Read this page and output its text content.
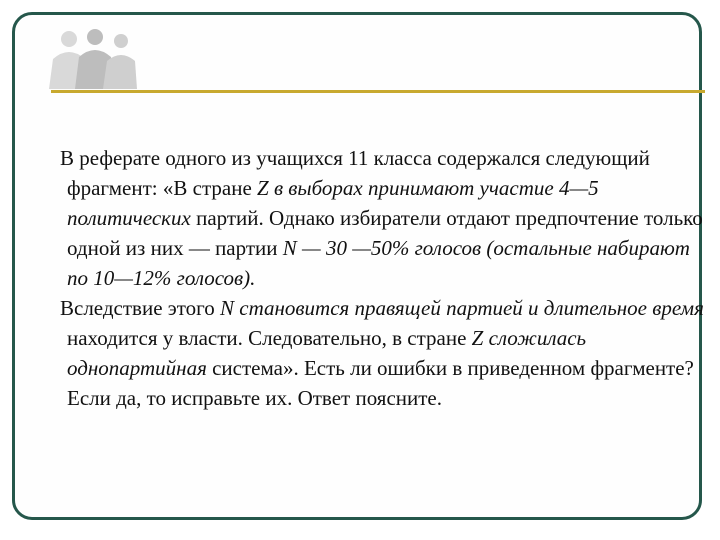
В реферате одного из учащихся 11 класса содержался следующий фрагмент: «В стране Z в выборах принимают участие 4—5 политических партий. Однако избиратели отдают предпочтение только одной из них — партии N — 30 —50% голосов (остальные набирают по 10—12% голосов).

Вследствие этого N становится правящей партией и длительное время находится у власти. Следовательно, в стране Z сложилась однопартийная система». Есть ли ошибки в приведенном фрагменте? Если да, то исправьте их. Ответ поясните.
